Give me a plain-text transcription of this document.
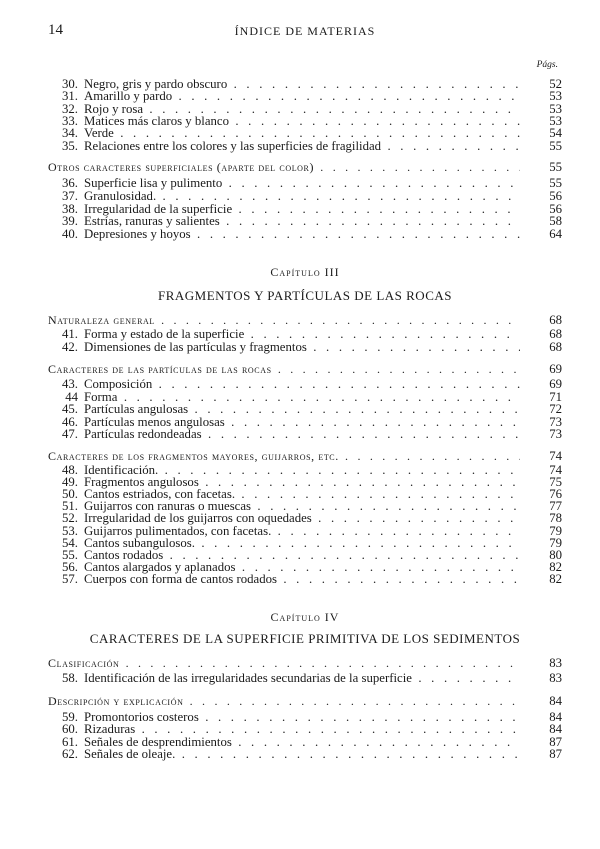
14	ÍNDICE DE MATERIAS
Págs.
30. Negro, gris y pardo obscuro . . .	52
31. Amarillo y pardo . . .	53
32. Rojo y rosa . . .	53
33. Matices más claros y blanco . . .	53
34. Verde . . .	54
35. Relaciones entre los colores y las superficies de fragilidad . . .	55
Otros caracteres superficiales (aparte del color) . . .	55
36. Superficie lisa y pulimento . . .	55
37. Granulosidad. . . .	56
38. Irregularidad de la superficie . . .	56
39. Estrías, ranuras y salientes . . .	58
40. Depresiones y hoyos . . .	64
Capítulo III
FRAGMENTOS Y PARTÍCULAS DE LAS ROCAS
Naturaleza general . . .	68
41. Forma y estado de la superficie . . .	68
42. Dimensiones de las partículas y fragmentos . . .	68
Caracteres de las partículas de las rocas . . .	69
43. Composición . . .	69
44 Forma . . .	71
45. Partículas angulosas . . .	72
46. Partículas menos angulosas . . .	73
47. Partículas redondeadas . . .	73
Caracteres de los fragmentos mayores, guijarros, etc. . . .	74
48. Identificación. . . .	74
49. Fragmentos angulosos . . .	75
50. Cantos estriados, con facetas. . . .	76
51. Guijarros con ranuras o muescas . . .	77
52. Irregularidad de los guijarros con oquedades . . .	78
53. Guijarros pulimentados, con facetas. . . .	79
54. Cantos subangulosos. . . .	79
55. Cantos rodados . . .	80
56. Cantos alargados y aplanados . . .	82
57. Cuerpos con forma de cantos rodados . . .	82
Capítulo IV
CARACTERES DE LA SUPERFICIE PRIMITIVA DE LOS SEDIMENTOS
Clasificación . . .	83
58. Identificación de las irregularidades secundarias de la superficie . . .	83
Descripción y explicación . . .	84
59. Promontorios costeros . . .	84
60. Rizaduras . . .	84
61. Señales de desprendimientos . . .	87
62. Señales de oleaje. . . .	87
